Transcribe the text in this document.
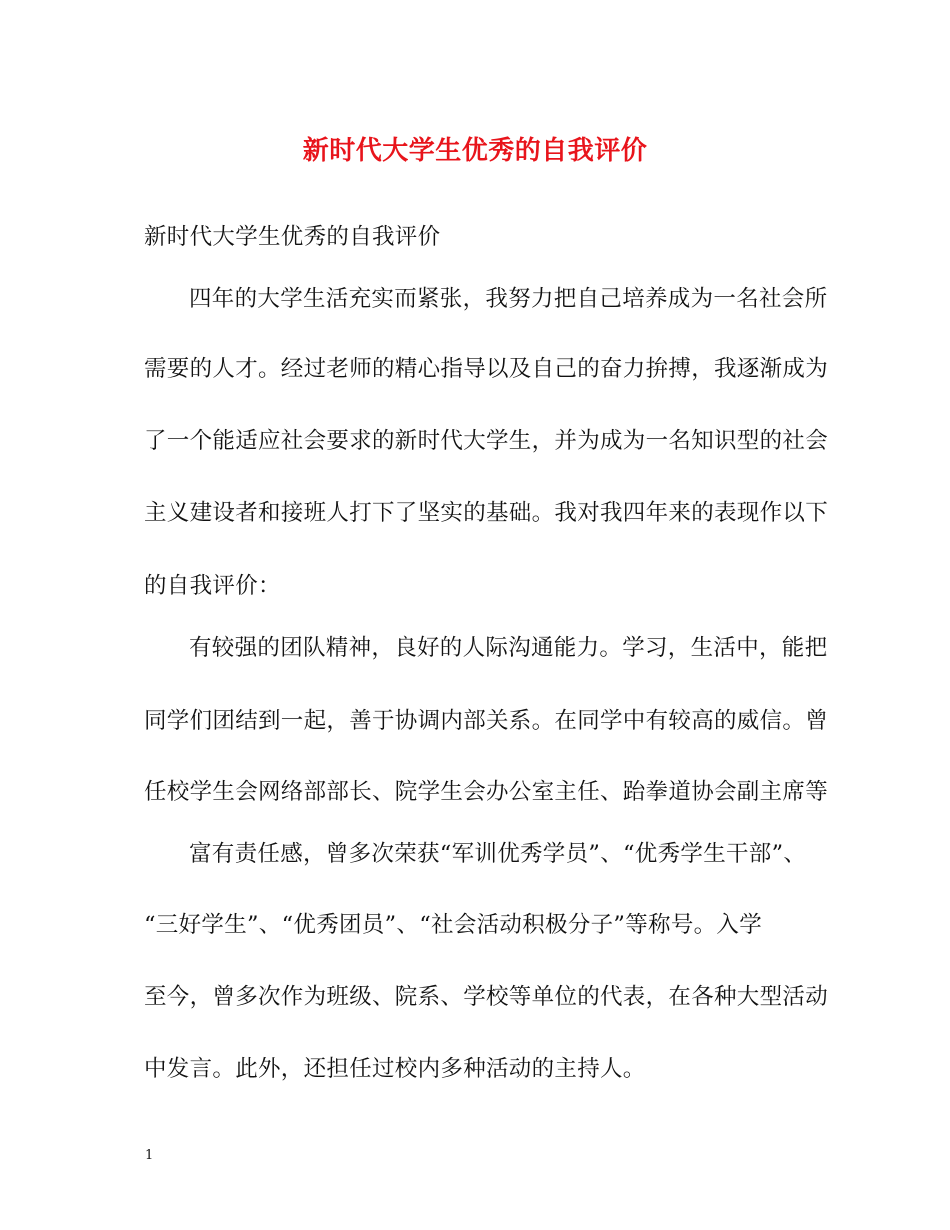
新时代大学生优秀的自我评价
新时代大学生优秀的自我评价
四年的大学生活充实而紧张，我努力把自己培养成为一名社会所
需要的人才。经过老师的精心指导以及自己的奋力拚搏，我逐渐成为
了一个能适应社会要求的新时代大学生，并为成为一名知识型的社会
主义建设者和接班人打下了坚实的基础。我对我四年来的表现作以下
的自我评价：
有较强的团队精神，良好的人际沟通能力。学习，生活中，能把
同学们团结到一起，善于协调内部关系。在同学中有较高的威信。曾
任校学生会网络部部长、院学生会办公室主任、跆拳道协会副主席等
富有责任感，曾多次荣获“军训优秀学员”、“优秀学生干部”、
“三好学生”、“优秀团员”、“社会活动积极分子”等称号。入学
至今，曾多次作为班级、院系、学校等单位的代表，在各种大型活动
中发言。此外，还担任过校内多种活动的主持人。
1
